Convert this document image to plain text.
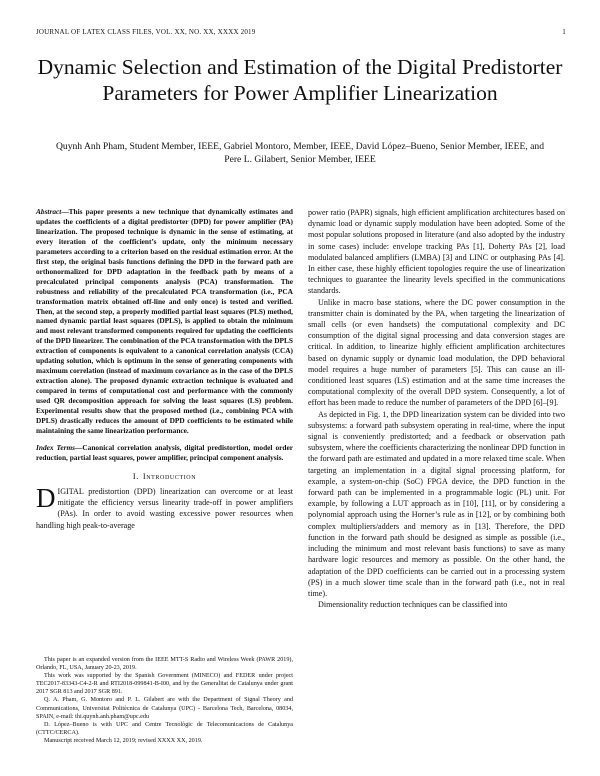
JOURNAL OF LATEX CLASS FILES, VOL. XX, NO. XX, XXXX 2019	1
Dynamic Selection and Estimation of the Digital Predistorter Parameters for Power Amplifier Linearization
Quynh Anh Pham, Student Member, IEEE, Gabriel Montoro, Member, IEEE, David López–Bueno, Senior Member, IEEE, and Pere L. Gilabert, Senior Member, IEEE
Abstract—This paper presents a new technique that dynamically estimates and updates the coefficients of a digital predistorter (DPD) for power amplifier (PA) linearization. The proposed technique is dynamic in the sense of estimating, at every iteration of the coefficient’s update, only the minimum necessary parameters according to a criterion based on the residual estimation error. At the first step, the original basis functions defining the DPD in the forward path are orthonormalized for DPD adaptation in the feedback path by means of a precalculated principal components analysis (PCA) transformation. The robustness and reliability of the precalculated PCA transformation (i.e., PCA transformation matrix obtained off-line and only once) is tested and verified. Then, at the second step, a properly modified partial least squares (PLS) method, named dynamic partial least squares (DPLS), is applied to obtain the minimum and most relevant transformed components required for updating the coefficients of the DPD linearizer. The combination of the PCA transformation with the DPLS extraction of components is equivalent to a canonical correlation analysis (CCA) updating solution, which is optimum in the sense of generating components with maximum correlation (instead of maximum covariance as in the case of the DPLS extraction alone). The proposed dynamic extraction technique is evaluated and compared in terms of computational cost and performance with the commonly used QR decomposition approach for solving the least squares (LS) problem. Experimental results show that the proposed method (i.e., combining PCA with DPLS) drastically reduces the amount of DPD coefficients to be estimated while maintaining the same linearization performance.
Index Terms—Canonical correlation analysis, digital predistortion, model order reduction, partial least squares, power amplifier, principal component analysis.
I. Introduction
DIGITAL predistortion (DPD) linearization can overcome or at least mitigate the efficiency versus linearity trade-off in power amplifiers (PAs). In order to avoid wasting excessive power resources when handling high peak-to-average

This paper is an expanded version from the IEEE MTT-S Radio and Wireless Week (PAWR 2019), Orlando, FL, USA, January 20-23, 2019.

This work was supported by the Spanish Government (MINECO) and FEDER under project TEC2017-83343-C4-2-R and RTI2018-099841-B-I00, and by the Generalitat de Catalunya under grant 2017 SGR 813 and 2017 SGR 891.

Q. A. Pham, G. Montoro and P. L. Gilabert are with the Department of Signal Theory and Communications, Universitat Politècnica de Catalunya (UPC) - Barcelona Tech, Barcelona, 08034, SPAIN, e-mail: thi.quynh.anh.pham@upc.edu

D. López–Bueno is with UPC and Centre Tecnològic de Telecomunicacions de Catalunya (CTTC/CERCA).

Manuscript received March 12, 2019; revised XXXX XX, 2019.

power ratio (PAPR) signals, high efficient amplification architectures based on dynamic load or dynamic supply modulation have been adopted. Some of the most popular solutions proposed in literature (and also adopted by the industry in some cases) include: envelope tracking PAs [1], Doherty PAs [2], load modulated balanced amplifiers (LMBA) [3] and LINC or outphasing PAs [4]. In either case, these highly efficient topologies require the use of linearization techniques to guarantee the linearity levels specified in the communications standards.

Unlike in macro base stations, where the DC power consumption in the transmitter chain is dominated by the PA, when targeting the linearization of small cells (or even handsets) the computational complexity and DC consumption of the digital signal processing and data conversion stages are critical. In addition, to linearize highly efficient amplification architectures based on dynamic supply or dynamic load modulation, the DPD behavioral model requires a huge number of parameters [5]. This can cause an ill-conditioned least squares (LS) estimation and at the same time increases the computational complexity of the overall DPD system. Consequently, a lot of effort has been made to reduce the number of parameters of the DPD [6]–[9].

As depicted in Fig. 1, the DPD linearization system can be divided into two subsystems: a forward path subsystem operating in real-time, where the input signal is conveniently predistorted; and a feedback or observation path subsystem, where the coefficients characterizing the nonlinear DPD function in the forward path are estimated and updated in a more relaxed time scale. When targeting an implementation in a digital signal processing platform, for example, a system-on-chip (SoC) FPGA device, the DPD function in the forward path can be implemented in a programmable logic (PL) unit. For example, by following a LUT approach as in [10], [11], or by considering a polynomial approach using the Horner’s rule as in [12], or by combining both complex multipliers/adders and memory as in [13]. Therefore, the DPD function in the forward path should be designed as simple as possible (i.e., including the minimum and most relevant basis functions) to save as many hardware logic resources and memory as possible. On the other hand, the adaptation of the DPD coefficients can be carried out in a processing system (PS) in a much slower time scale than in the forward path (i.e., not in real time).

Dimensionality reduction techniques can be classified into
